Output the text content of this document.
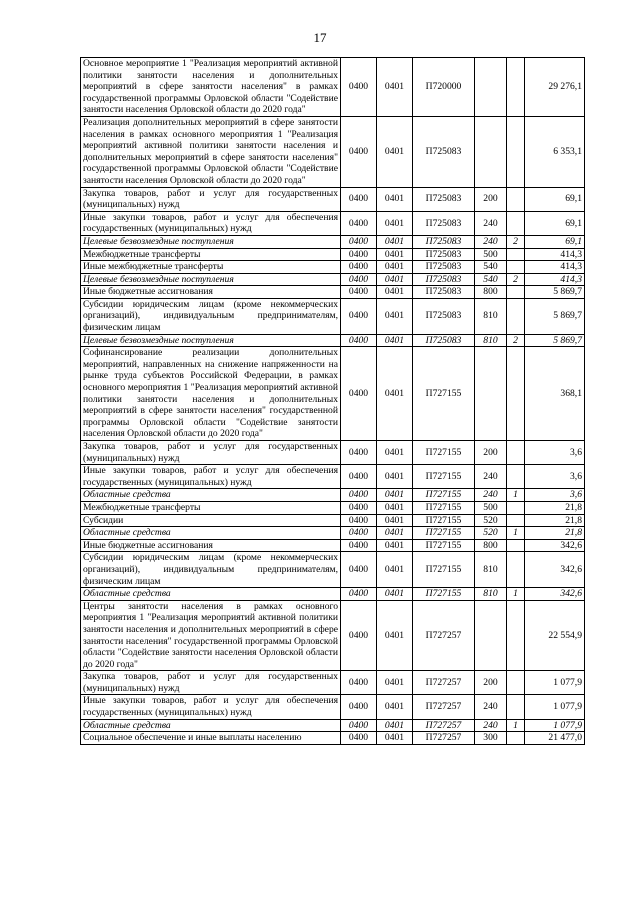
17
Основное мероприятие 1 "Реализация мероприятий активной политики занятости населения и дополнительных мероприятий в сфере занятости населения" в рамках государственной программы Орловской области "Содействие занятости населения Орловской области до 2020 года"	0400	0401	П720000			29 276,1
Реализация дополнительных мероприятий в сфере занятости населения в рамках основного мероприятия 1 "Реализация мероприятий активной политики занятости населения и дополнительных мероприятий в сфере занятости населения" государственной программы Орловской области "Содействие занятости населения Орловской области до 2020 года"	0400	0401	П725083			6 353,1
Закупка товаров, работ и услуг для государственных (муниципальных) нужд	0400	0401	П725083	200		69,1
Иные закупки товаров, работ и услуг для обеспечения государственных (муниципальных) нужд	0400	0401	П725083	240		69,1
Целевые безвозмездные поступления	0400	0401	П725083	240	2	69,1
Межбюджетные трансферты	0400	0401	П725083	500		414,3
Иные межбюджетные трансферты	0400	0401	П725083	540		414,3
Целевые безвозмездные поступления	0400	0401	П725083	540	2	414,3
Иные бюджетные ассигнования	0400	0401	П725083	800		5 869,7
Субсидии юридическим лицам (кроме некоммерческих организаций), индивидуальным предпринимателям, физическим лицам	0400	0401	П725083	810		5 869,7
Целевые безвозмездные поступления	0400	0401	П725083	810	2	5 869,7
Софинансирование реализации дополнительных мероприятий, направленных на снижение напряженности на рынке труда субъектов Российской Федерации, в рамках основного мероприятия 1 "Реализация мероприятий активной политики занятости населения и дополнительных мероприятий в сфере занятости населения" государственной программы Орловской области "Содействие занятости населения Орловской области до 2020 года"	0400	0401	П727155			368,1
Закупка товаров, работ и услуг для государственных (муниципальных) нужд	0400	0401	П727155	200		3,6
Иные закупки товаров, работ и услуг для обеспечения государственных (муниципальных) нужд	0400	0401	П727155	240		3,6
Областные средства	0400	0401	П727155	240	1	3,6
Межбюджетные трансферты	0400	0401	П727155	500		21,8
Субсидии	0400	0401	П727155	520		21,8
Областные средства	0400	0401	П727155	520	1	21,8
Иные бюджетные ассигнования	0400	0401	П727155	800		342,6
Субсидии юридическим лицам (кроме некоммерческих организаций), индивидуальным предпринимателям, физическим лицам	0400	0401	П727155	810		342,6
Областные средства	0400	0401	П727155	810	1	342,6
Центры занятости населения в рамках основного мероприятия 1 "Реализация мероприятий активной политики занятости населения и дополнительных мероприятий в сфере занятости населения" государственной программы Орловской области "Содействие занятости населения Орловской области до 2020 года"	0400	0401	П727257			22 554,9
Закупка товаров, работ и услуг для государственных (муниципальных) нужд	0400	0401	П727257	200		1 077,9
Иные закупки товаров, работ и услуг для обеспечения государственных (муниципальных) нужд	0400	0401	П727257	240		1 077,9
Областные средства	0400	0401	П727257	240	1	1 077,9
Социальное обеспечение и иные выплаты населению	0400	0401	П727257	300		21 477,0
